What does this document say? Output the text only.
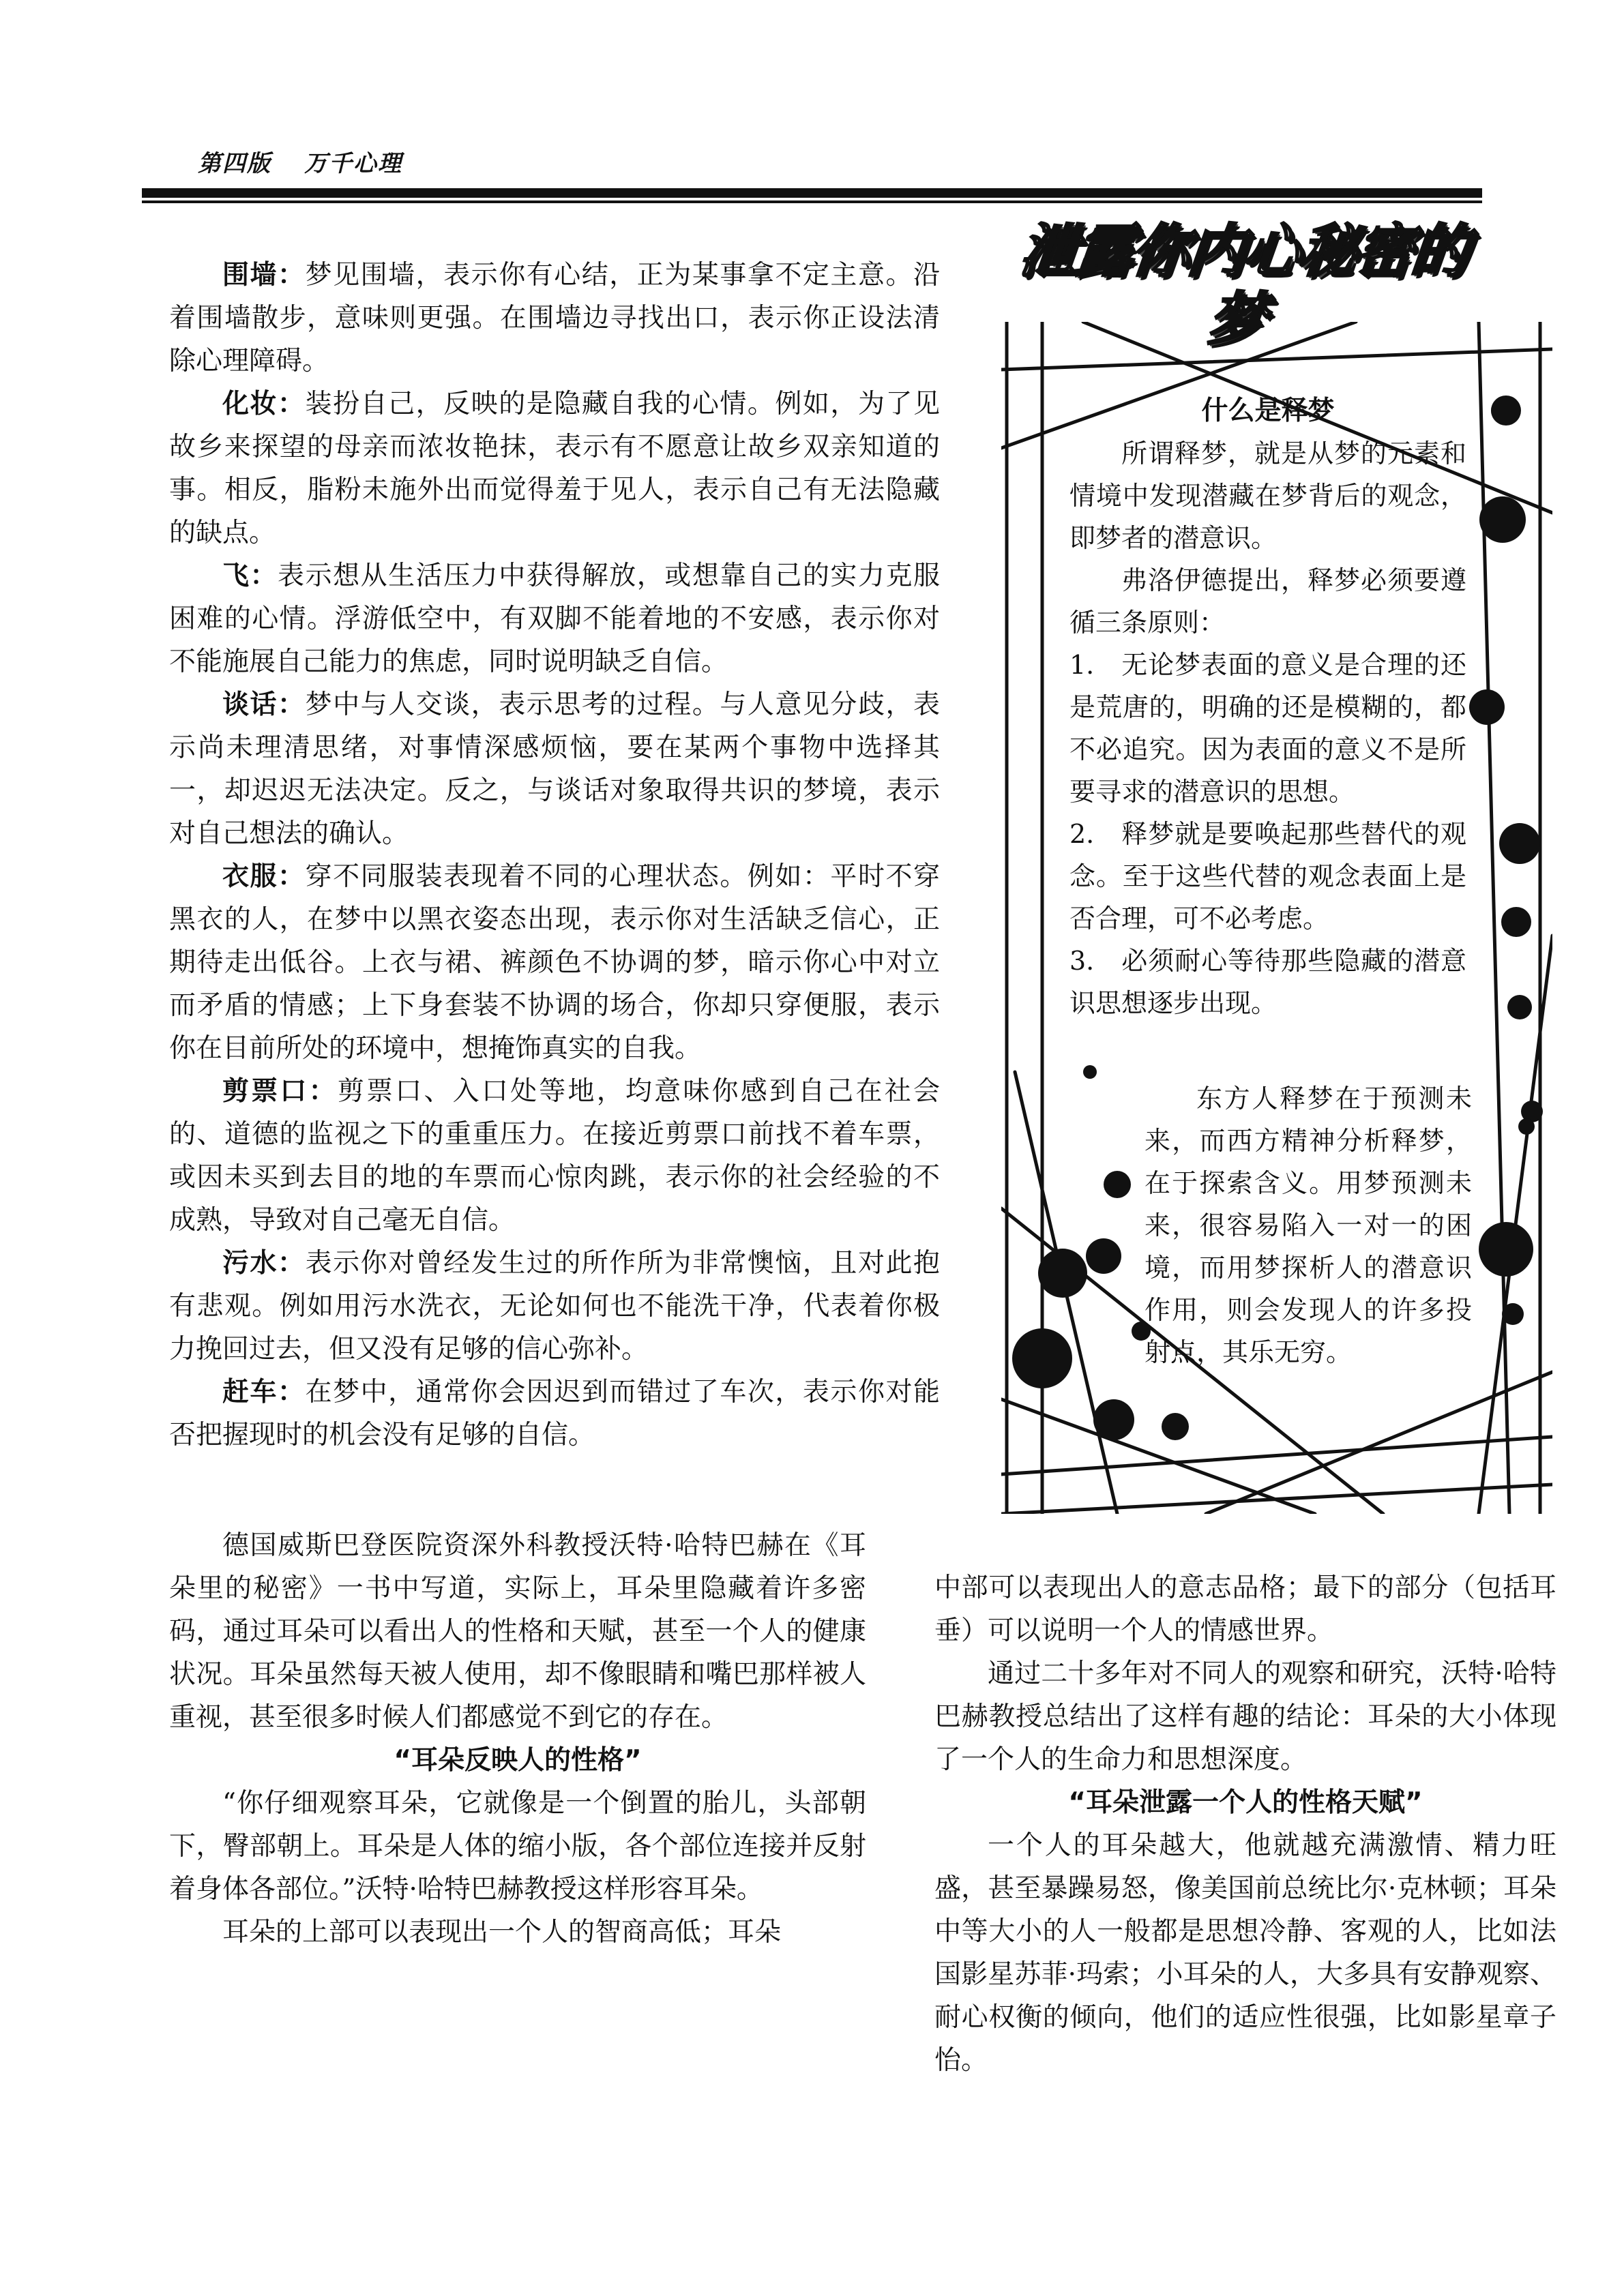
第四版 万千心理

围墙：梦见围墙，表示你有心结，正为某事拿不定主意。沿着围墙散步，意味则更强。在围墙边寻找出口，表示你正设法清除心理障碍。

化妆：装扮自己，反映的是隐藏自我的心情。例如，为了见故乡来探望的母亲而浓妆艳抹，表示有不愿意让故乡双亲知道的事。相反，脂粉未施外出而觉得羞于见人，表示自己有无法隐藏的缺点。

飞：表示想从生活压力中获得解放，或想靠自己的实力克服困难的心情。浮游低空中，有双脚不能着地的不安感，表示你对不能施展自己能力的焦虑，同时说明缺乏自信。

谈话：梦中与人交谈，表示思考的过程。与人意见分歧，表示尚未理清思绪，对事情深感烦恼，要在某两个事物中选择其一，却迟迟无法决定。反之，与谈话对象取得共识的梦境，表示对自己想法的确认。

衣服：穿不同服装表现着不同的心理状态。例如：平时不穿黑衣的人，在梦中以黑衣姿态出现，表示你对生活缺乏信心，正期待走出低谷。上衣与裙、裤颜色不协调的梦，暗示你心中对立而矛盾的情感；上下身套装不协调的场合，你却只穿便服，表示你在目前所处的环境中，想掩饰真实的自我。

剪票口：剪票口、入口处等地，均意味你感到自己在社会的、道德的监视之下的重重压力。在接近剪票口前找不着车票，或因未买到去目的地的车票而心惊肉跳，表示你的社会经验的不成熟，导致对自己毫无自信。

污水：表示你对曾经发生过的所作所为非常懊恼，且对此抱有悲观。例如用污水洗衣，无论如何也不能洗干净，代表着你极力挽回过去，但又没有足够的信心弥补。

赶车：在梦中，通常你会因迟到而错过了车次，表示你对能否把握现时的机会没有足够的自信。

泄露你内心秘密的梦
什么是释梦

所谓释梦，就是从梦的元素和情境中发现潜藏在梦背后的观念，即梦者的潜意识。

弗洛伊德提出，释梦必须要遵循三条原则：

1.　无论梦表面的意义是合理的还是荒唐的，明确的还是模糊的，都不必追究。因为表面的意义不是所要寻求的潜意识的思想。

2.　释梦就是要唤起那些替代的观念。至于这些代替的观念表面上是否合理，可不必考虑。

3.　必须耐心等待那些隐藏的潜意识思想逐步出现。

东方人释梦在于预测未来，而西方精神分析释梦，在于探索含义。用梦预测未来，很容易陷入一对一的困境，而用梦探析人的潜意识作用，则会发现人的许多投射点，其乐无穷。

德国威斯巴登医院资深外科教授沃特·哈特巴赫在《耳朵里的秘密》一书中写道，实际上，耳朵里隐藏着许多密码，通过耳朵可以看出人的性格和天赋，甚至一个人的健康状况。耳朵虽然每天被人使用，却不像眼睛和嘴巴那样被人重视，甚至很多时候人们都感觉不到它的存在。

“耳朵反映人的性格”

“你仔细观察耳朵，它就像是一个倒置的胎儿，头部朝下，臀部朝上。耳朵是人体的缩小版，各个部位连接并反射着身体各部位。”沃特·哈特巴赫教授这样形容耳朵。

耳朵的上部可以表现出一个人的智商高低；耳朵

中部可以表现出人的意志品格；最下的部分（包括耳垂）可以说明一个人的情感世界。

通过二十多年对不同人的观察和研究，沃特·哈特巴赫教授总结出了这样有趣的结论：耳朵的大小体现了一个人的生命力和思想深度。

“耳朵泄露一个人的性格天赋”

一个人的耳朵越大，他就越充满激情、精力旺盛，甚至暴躁易怒，像美国前总统比尔·克林顿；耳朵中等大小的人一般都是思想冷静、客观的人，比如法国影星苏菲·玛索；小耳朵的人，大多具有安静观察、耐心权衡的倾向，他们的适应性很强，比如影星章子怡。
